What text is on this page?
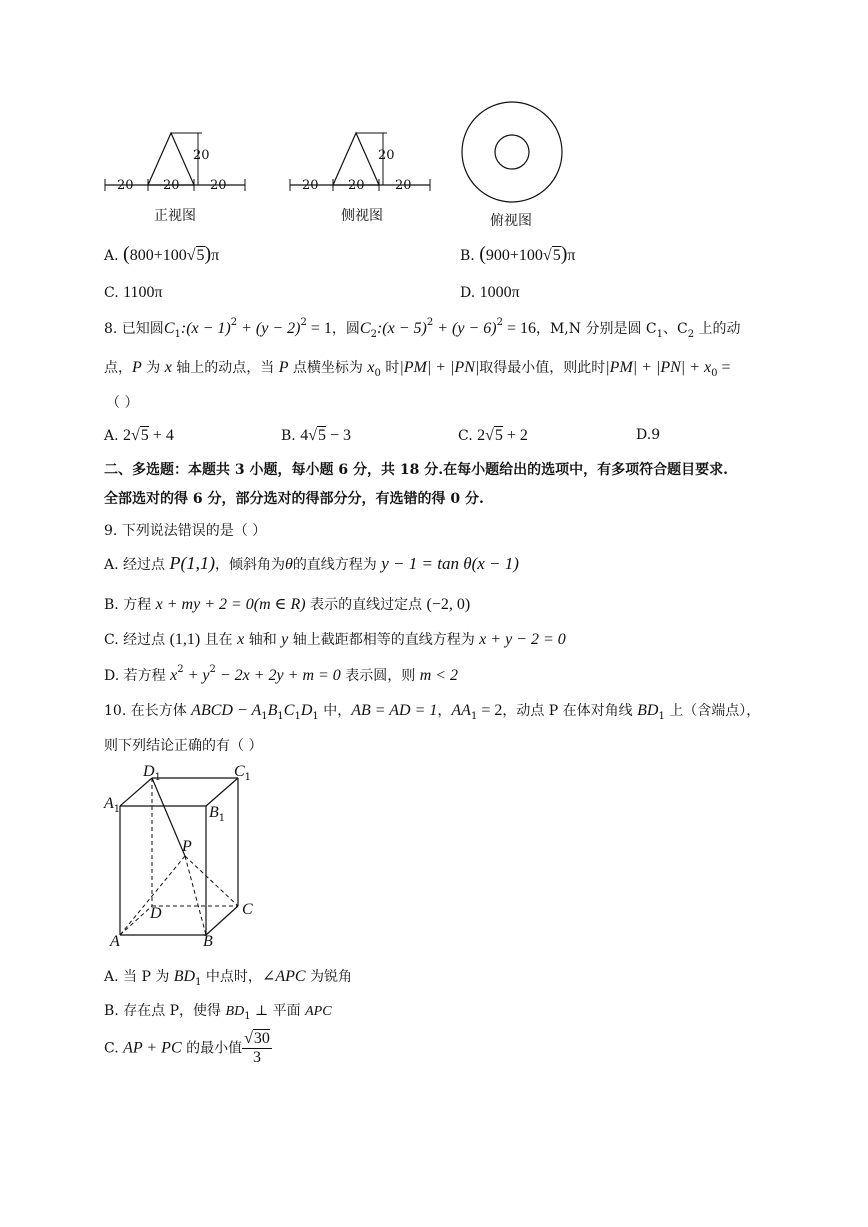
20
20 20 20
正视图
20
20 20 20
侧视图	俯视图
A. (800+100√5)π	B. (900+100√5)π
C. 1100π	D. 1000π
8. 已知圆$C_1:(x - 1)^2 + (y - 2)^2 = 1$，圆$C_2:(x - 5)^2 + (y - 6)^2 = 16$，M,N 分别是圆 $C_1$、$C_2$ 上的动
点，P 为 x 轴上的动点，当 P 点横坐标为 $x_0$ 时|PM| + |PN|取得最小值，则此时$|PM| + |PN| + x_0$ =
（ ）
A. 2√5 + 4	B. 4√5 − 3	C. 2√5 + 2	D.9
二、多选题：本题共 3 小题，每小题 6 分，共 18 分.在每小题给出的选项中，有多项符合题目要求.
全部选对的得 6 分，部分选对的得部分分，有选错的得 0 分.
9. 下列说法错误的是（ ）
A. 经过点 P(1,1)，倾斜角为θ的直线方程为 y − 1 = tan θ(x − 1)
B. 方程 x + my + 2 = 0(m ∈ R) 表示的直线过定点 (−2, 0)
C. 经过点 (1,1) 且在 x 轴和 y 轴上截距都相等的直线方程为 x + y − 2 = 0
D. 若方程 $x^2 + y^2 - 2x + 2y + m = 0$ 表示圆，则 m < 2
10. 在长方体 ABCD − $A_1B_1C_1D_1$ 中，AB = AD = 1，$AA_1 = 2$，动点 P 在体对角线 $BD_1$ 上（含端点），
则下列结论正确的有（ ）
$D_1$	$C_1$
$A_1$	$B_1$
P
D	C
A	B
A. 当 P 为 $BD_1$ 中点时，∠APC 为锐角
B. 存在点 P，使得 $BD_1$ ⊥ 平面 APC
C. AP + PC 的最小值 $\frac{√30}{3}$
